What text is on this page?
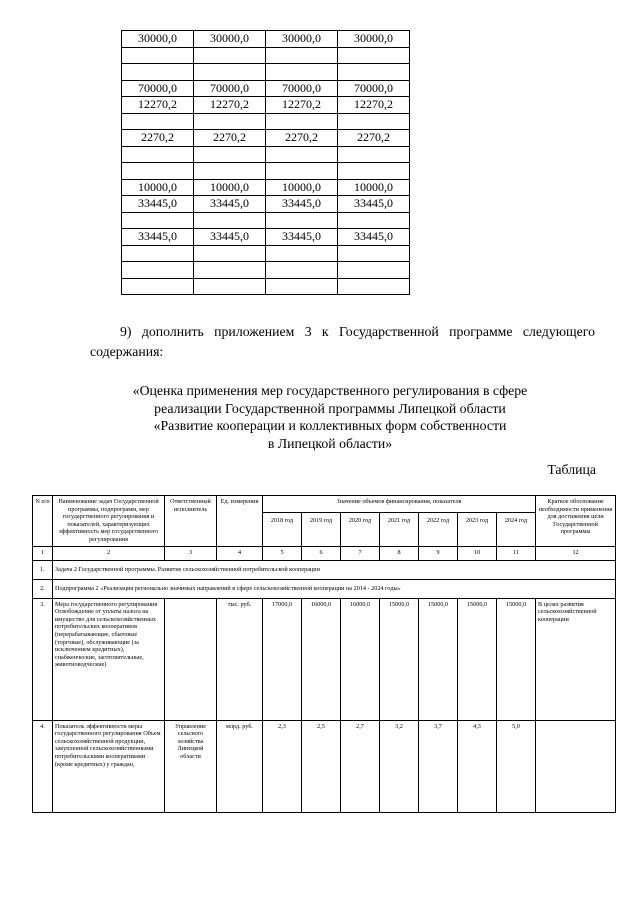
30000,0	30000,0	30000,0	30000,0

70000,0	70000,0	70000,0	70000,0
12270,2	12270,2	12270,2	12270,2

2270,2	2270,2	2270,2	2270,2

10000,0	10000,0	10000,0	10000,0
33445,0	33445,0	33445,0	33445,0

33445,0	33445,0	33445,0	33445,0

9) дополнить приложением 3 к Государственной программе следующего содержания:
«Оценка применения мер государственного регулирования в сфере
реализации Государственной программы Липецкой области
«Развитие кооперации и коллективных форм собственности
в Липецкой области»
Таблица
N п/п	Наименование задач Государственной программы, подпрограмм, мер государственного регулирования и показателей, характеризующих эффективность мер государственного регулирования	Ответственный исполнитель	Ед. измерения	Значение объемов финансирования, показателя							Краткое обоснование необходимости применения для достижения цели Государственной программы
				2018 год	2019 год	2020 год	2021 год	2022 год	2023 год	2024 год	
1	2	3	4	5	6	7	8	9	10	11	12
1.	Задача 2 Государственной программы. Развитие сельскохозяйственной потребительской кооперации										
2.	Подпрограмма 2 «Реализация регионально значимых направлений в сфере сельскохозяйственной кооперации на 2014 - 2024 годы»										
3.	Мера государственного регулирования Освобождение от уплаты налога на имущество для сельскохозяйственных потребительских кооперативов (перерабатывающие, сбытовые (торговые), обслуживающие (за исключением кредитных), снабженческие, заготовительные, животноводческие)		тыс. руб.	17000,0	16000,0	16000,0	15000,0	15000,0	15000,0	15000,0	В целях развития сельскохозяйственной кооперации
4.	Показатель эффективности меры государственного регулирования Объем сельскохозяйственной продукции, закупленной сельскохозяйственными потребительскими кооперативами (кроме кредитных) у граждан,	Управление сельского хозяйства Липецкой области	млрд. руб.	2,3	2,5	2,7	3,2	3,7	4,3	5,0	
